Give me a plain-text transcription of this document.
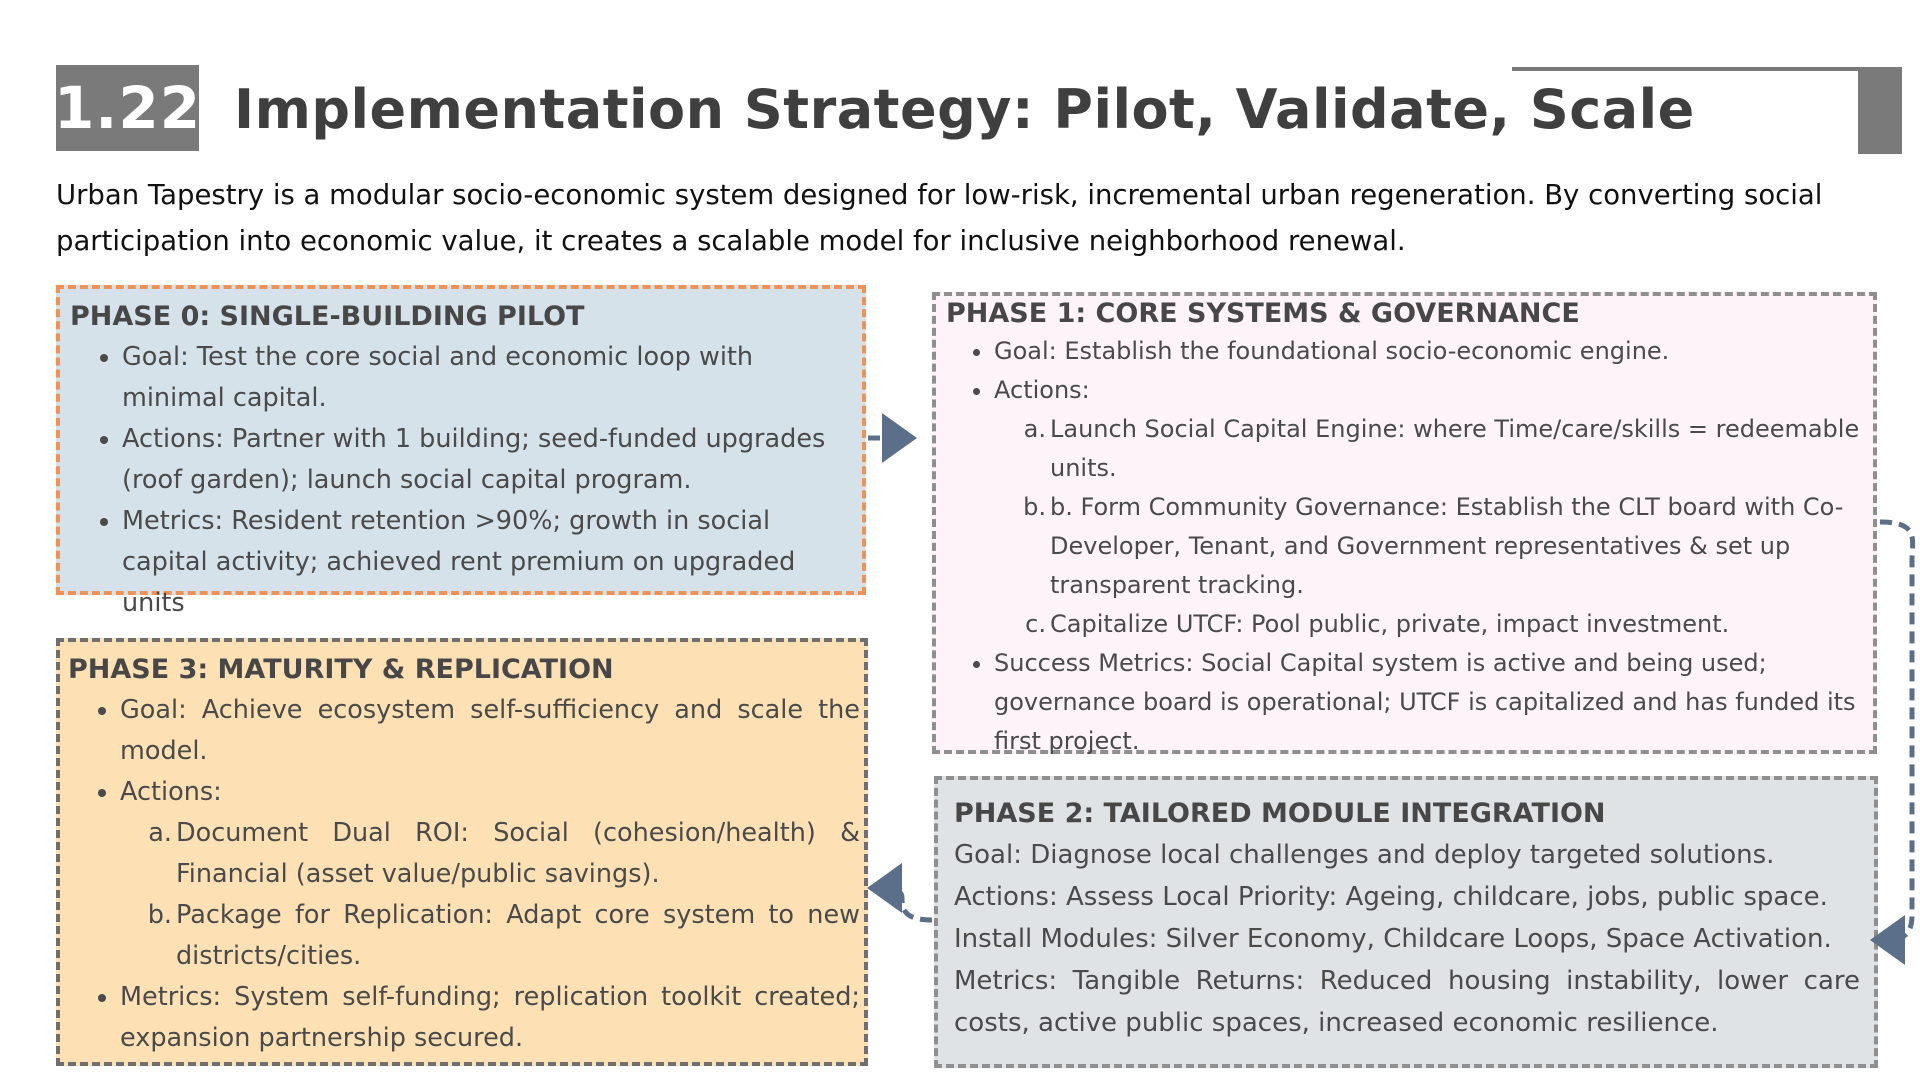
1.22 Implementation Strategy: Pilot, Validate, Scale
Urban Tapestry is a modular socio-economic system designed for low-risk, incremental urban regeneration. By converting social participation into economic value, it creates a scalable model for inclusive neighborhood renewal.
PHASE 0: SINGLE-BUILDING PILOT
• Goal: Test the core social and economic loop with minimal capital.
• Actions: Partner with 1 building; seed-funded upgrades (roof garden); launch social capital program.
• Metrics: Resident retention >90%; growth in social capital activity; achieved rent premium on upgraded units
PHASE 1: CORE SYSTEMS & GOVERNANCE
• Goal: Establish the foundational socio-economic engine.
• Actions:
a. Launch Social Capital Engine: where Time/care/skills = redeemable units.
b. b. Form Community Governance: Establish the CLT board with Co-Developer, Tenant, and Government representatives & set up transparent tracking.
c. Capitalize UTCF: Pool public, private, impact investment.
• Success Metrics: Social Capital system is active and being used; governance board is operational; UTCF is capitalized and has funded its first project.
PHASE 2: TAILORED MODULE INTEGRATION
Goal: Diagnose local challenges and deploy targeted solutions.
Actions: Assess Local Priority: Ageing, childcare, jobs, public space.
Install Modules: Silver Economy, Childcare Loops, Space Activation.
Metrics: Tangible Returns: Reduced housing instability, lower care costs, active public spaces, increased economic resilience.
PHASE 3: MATURITY & REPLICATION
• Goal: Achieve ecosystem self-sufficiency and scale the model.
• Actions:
a. Document Dual ROI: Social (cohesion/health) & Financial (asset value/public savings).
b. Package for Replication: Adapt core system to new districts/cities.
• Metrics: System self-funding; replication toolkit created; expansion partnership secured.
